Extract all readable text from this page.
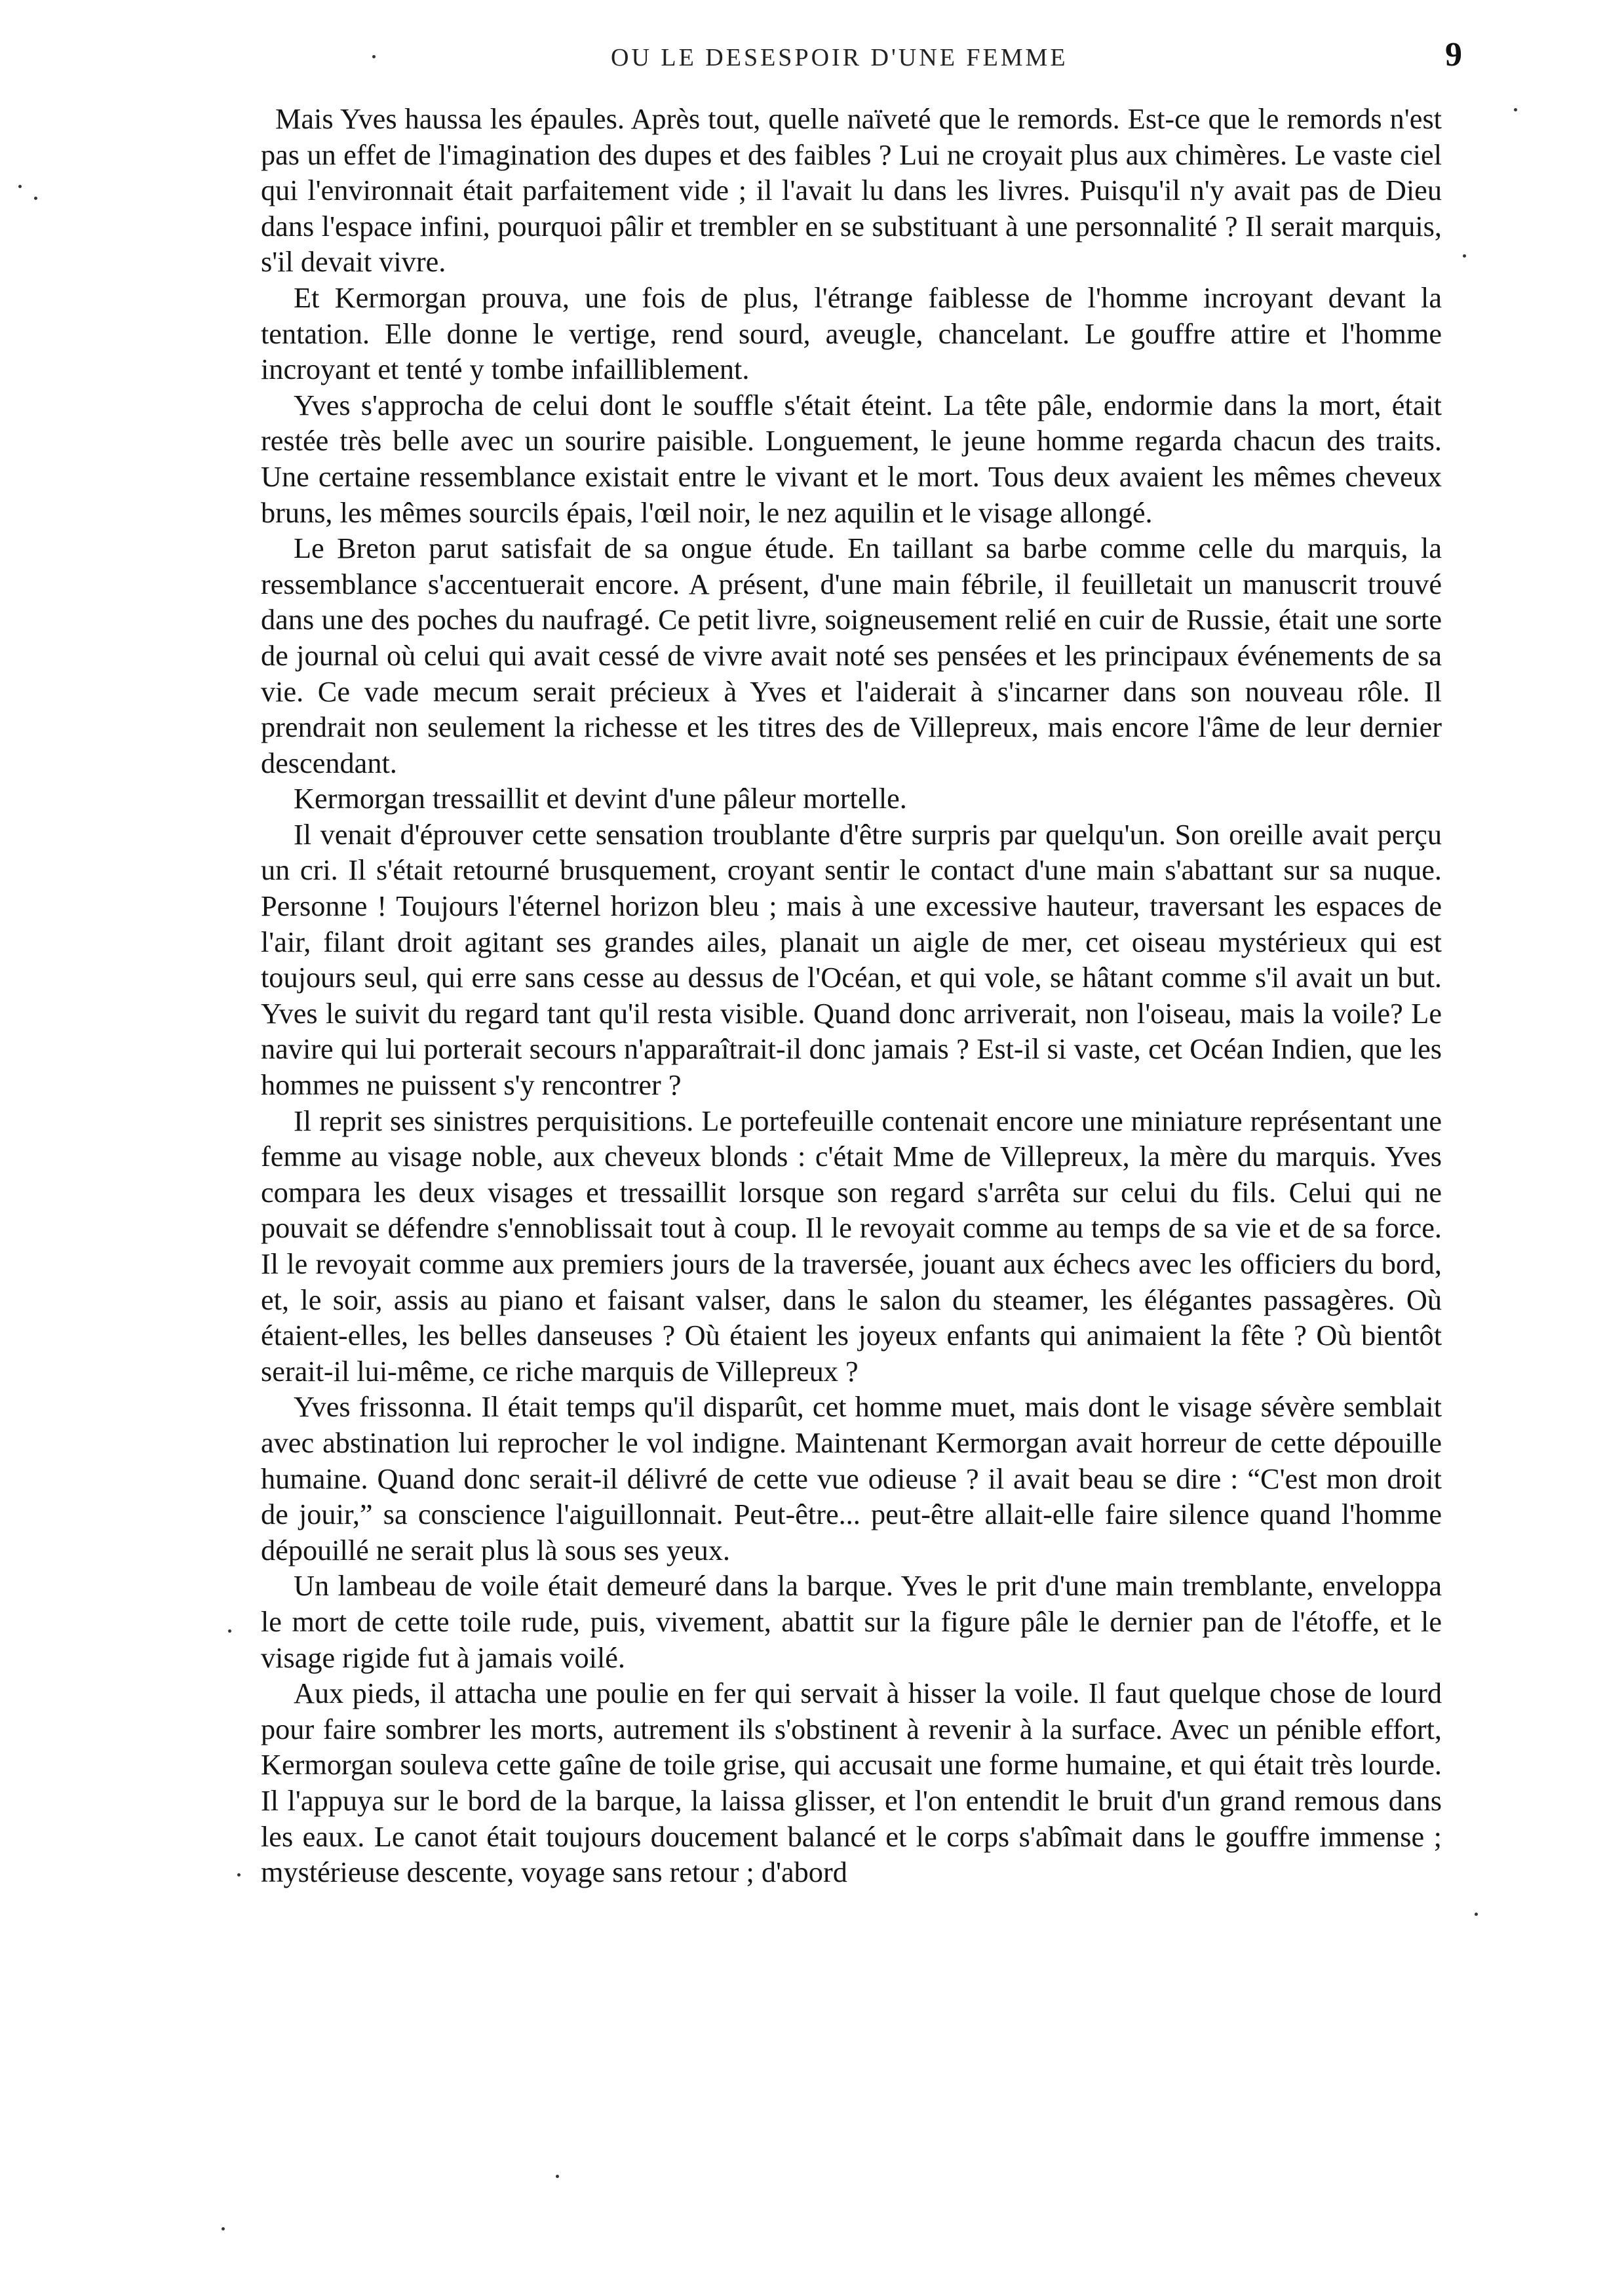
OU LE DESESPOIR D'UNE FEMME	9

Mais Yves haussa les épaules. Après tout, quelle naïveté que le remords. Est-ce que le remords n'est pas un effet de l'imagination des dupes et des faibles ? Lui ne croyait plus aux chimères. Le vaste ciel qui l'environnait était parfaitement vide ; il l'avait lu dans les livres. Puisqu'il n'y avait pas de Dieu dans l'espace infini, pourquoi pâlir et trembler en se substituant à une personnalité ? Il serait marquis, s'il devait vivre.

Et Kermorgan prouva, une fois de plus, l'étrange faiblesse de l'homme incroyant devant la tentation. Elle donne le vertige, rend sourd, aveugle, chancelant. Le gouffre attire et l'homme incroyant et tenté y tombe infailliblement.

Yves s'approcha de celui dont le souffle s'était éteint. La tête pâle, endormie dans la mort, était restée très belle avec un sourire paisible. Longuement, le jeune homme regarda chacun des traits. Une certaine ressemblance existait entre le vivant et le mort. Tous deux avaient les mêmes cheveux bruns, les mêmes sourcils épais, l'œil noir, le nez aquilin et le visage allongé.

Le Breton parut satisfait de sa ongue étude. En taillant sa barbe comme celle du marquis, la ressemblance s'accentuerait encore. A présent, d'une main fébrile, il feuilletait un manuscrit trouvé dans une des poches du naufragé. Ce petit livre, soigneusement relié en cuir de Russie, était une sorte de journal où celui qui avait cessé de vivre avait noté ses pensées et les principaux événements de sa vie. Ce vade mecum serait précieux à Yves et l'aiderait à s'incarner dans son nouveau rôle. Il prendrait non seulement la richesse et les titres des de Villepreux, mais encore l'âme de leur dernier descendant.

Kermorgan tressaillit et devint d'une pâleur mortelle.

Il venait d'éprouver cette sensation troublante d'être surpris par quelqu'un. Son oreille avait perçu un cri. Il s'était retourné brusquement, croyant sentir le contact d'une main s'abattant sur sa nuque. Personne ! Toujours l'éternel horizon bleu ; mais à une excessive hauteur, traversant les espaces de l'air, filant droit agitant ses grandes ailes, planait un aigle de mer, cet oiseau mystérieux qui est toujours seul, qui erre sans cesse au dessus de l'Océan, et qui vole, se hâtant comme s'il avait un but. Yves le suivit du regard tant qu'il resta visible. Quand donc arriverait, non l'oiseau, mais la voile? Le navire qui lui porterait secours n'apparaîtrait-il donc jamais ? Est-il si vaste, cet Océan Indien, que les hommes ne puissent s'y rencontrer ?

Il reprit ses sinistres perquisitions. Le portefeuille contenait encore une miniature représentant une femme au visage noble, aux cheveux blonds : c'était Mme de Villepreux, la mère du marquis. Yves compara les deux visages et tressaillit lorsque son regard s'arrêta sur celui du fils. Celui qui ne pouvait se défendre s'ennoblissait tout à coup. Il le revoyait comme au temps de sa vie et de sa force. Il le revoyait comme aux premiers jours de la traversée, jouant aux échecs avec les officiers du bord, et, le soir, assis au piano et faisant valser, dans le salon du steamer, les élégantes passagères. Où étaient-elles, les belles danseuses ? Où étaient les joyeux enfants qui animaient la fête ? Où bientôt serait-il lui-même, ce riche marquis de Villepreux ?

Yves frissonna. Il était temps qu'il disparût, cet homme muet, mais dont le visage sévère semblait avec abstination lui reprocher le vol indigne. Maintenant Kermorgan avait horreur de cette dépouille humaine. Quand donc serait-il délivré de cette vue odieuse ? il avait beau se dire : “C'est mon droit de jouir,” sa conscience l'aiguillonnait. Peut-être... peut-être allait-elle faire silence quand l'homme dépouillé ne serait plus là sous ses yeux.

Un lambeau de voile était demeuré dans la barque. Yves le prit d'une main tremblante, enveloppa le mort de cette toile rude, puis, vivement, abattit sur la figure pâle le dernier pan de l'étoffe, et le visage rigide fut à jamais voilé.

Aux pieds, il attacha une poulie en fer qui servait à hisser la voile. Il faut quelque chose de lourd pour faire sombrer les morts, autrement ils s'obstinent à revenir à la surface. Avec un pénible effort, Kermorgan souleva cette gaîne de toile grise, qui accusait une forme humaine, et qui était très lourde. Il l'appuya sur le bord de la barque, la laissa glisser, et l'on entendit le bruit d'un grand remous dans les eaux. Le canot était toujours doucement balancé et le corps s'abîmait dans le gouffre immense ; mystérieuse descente, voyage sans retour ; d'abord
